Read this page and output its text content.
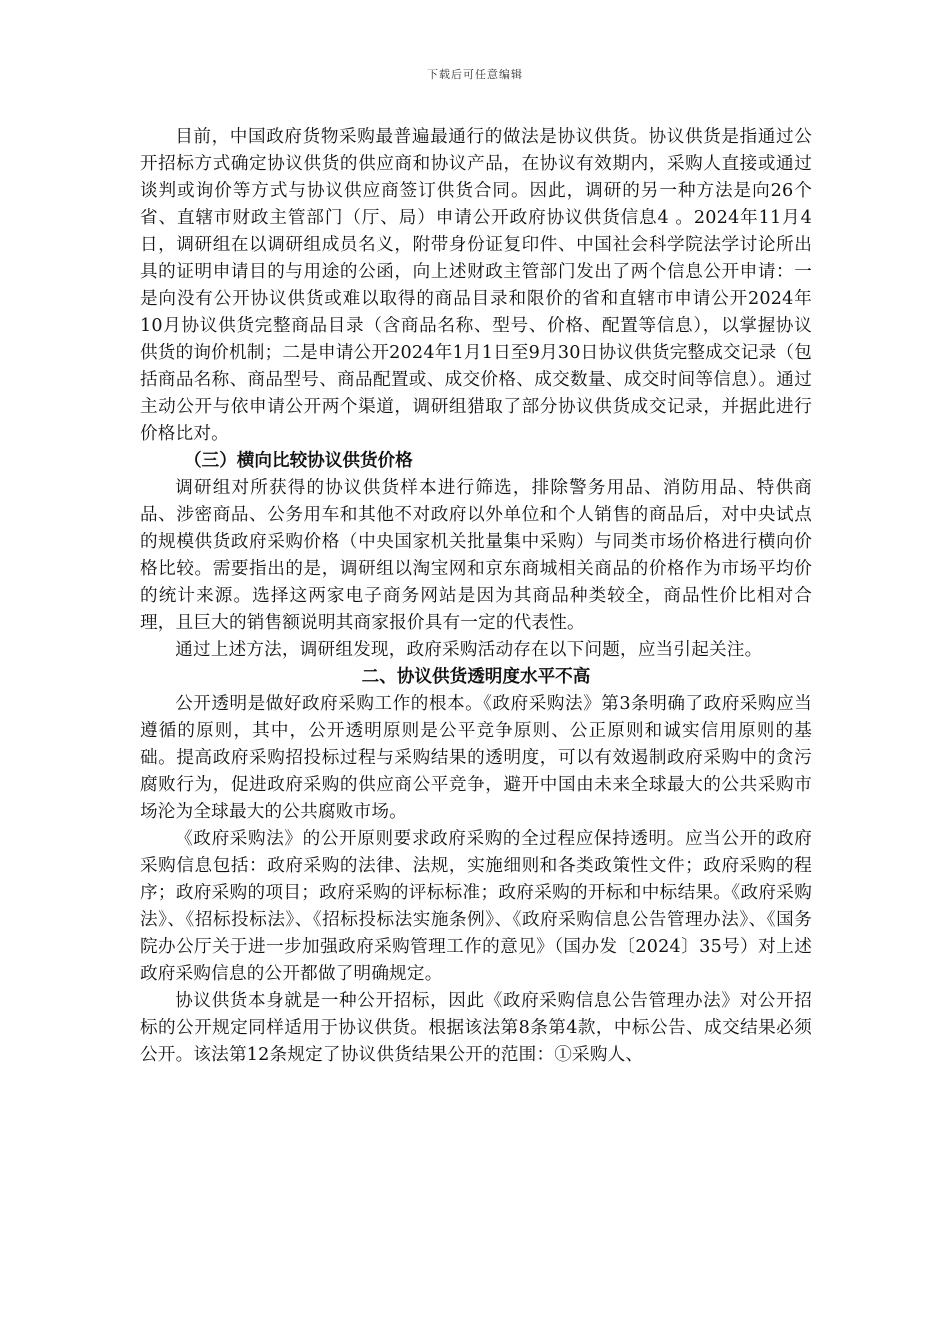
下载后可任意编辑

目前，中国政府货物采购最普遍最通行的做法是协议供货。协议供货是指通过公开招标方式确定协议供货的供应商和协议产品，在协议有效期内，采购人直接或通过谈判或询价等方式与协议供应商签订供货合同。因此，调研的另一种方法是向26个省、直辖市财政主管部门（厅、局）申请公开政府协议供货信息4 。2024年11月4日，调研组在以调研组成员名义，附带身份证复印件、中国社会科学院法学讨论所出具的证明申请目的与用途的公函，向上述财政主管部门发出了两个信息公开申请：一是向没有公开协议供货或难以取得的商品目录和限价的省和直辖市申请公开2024年10月协议供货完整商品目录（含商品名称、型号、价格、配置等信息），以掌握协议供货的询价机制；二是申请公开2024年1月1日至9月30日协议供货完整成交记录（包括商品名称、商品型号、商品配置或、成交价格、成交数量、成交时间等信息）。通过主动公开与依申请公开两个渠道，调研组猎取了部分协议供货成交记录，并据此进行价格比对。

（三）横向比较协议供货价格

调研组对所获得的协议供货样本进行筛选，排除警务用品、消防用品、特供商品、涉密商品、公务用车和其他不对政府以外单位和个人销售的商品后，对中央试点的规模供货政府采购价格（中央国家机关批量集中采购）与同类市场价格进行横向价格比较。需要指出的是，调研组以淘宝网和京东商城相关商品的价格作为市场平均价的统计来源。选择这两家电子商务网站是因为其商品种类较全，商品性价比相对合理，且巨大的销售额说明其商家报价具有一定的代表性。

通过上述方法，调研组发现，政府采购活动存在以下问题，应当引起关注。

二、协议供货透明度水平不高

公开透明是做好政府采购工作的根本。《政府采购法》第3条明确了政府采购应当遵循的原则，其中，公开透明原则是公平竞争原则、公正原则和诚实信用原则的基础。提高政府采购招投标过程与采购结果的透明度，可以有效遏制政府采购中的贪污腐败行为，促进政府采购的供应商公平竞争，避开中国由未来全球最大的公共采购市场沦为全球最大的公共腐败市场。

《政府采购法》的公开原则要求政府采购的全过程应保持透明。应当公开的政府采购信息包括：政府采购的法律、法规，实施细则和各类政策性文件；政府采购的程序；政府采购的项目；政府采购的评标标准；政府采购的开标和中标结果。《政府采购法》、《招标投标法》、《招标投标法实施条例》、《政府采购信息公告管理办法》、《国务院办公厅关于进一步加强政府采购管理工作的意见》（国办发〔2024〕35号）对上述政府采购信息的公开都做了明确规定。

协议供货本身就是一种公开招标，因此《政府采购信息公告管理办法》对公开招标的公开规定同样适用于协议供货。根据该法第8条第4款，中标公告、成交结果必须公开。该法第12条规定了协议供货结果公开的范围：①采购人、
